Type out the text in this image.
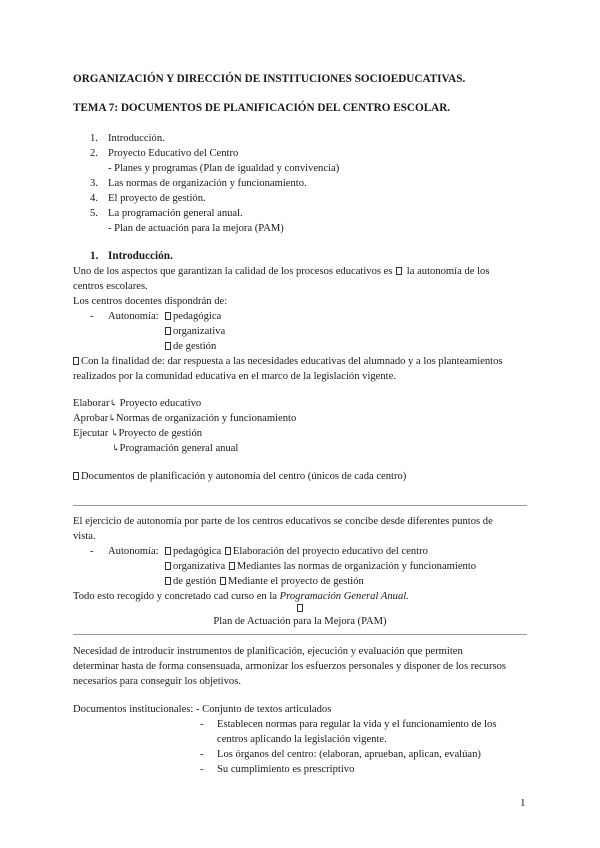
ORGANIZACIÓN Y DIRECCIÓN DE INSTITUCIONES SOCIOEDUCATIVAS.
TEMA 7: DOCUMENTOS DE PLANIFICACIÓN DEL CENTRO ESCOLAR.
1. Introducción.
2. Proyecto Educativo del Centro
- Planes y programas (Plan de igualdad y convivencia)
3. Las normas de organización y funcionamiento.
4. El proyecto de gestión.
5. La programación general anual.
- Plan de actuación para la mejora (PAM)
1. Introducción.
Uno de los aspectos que garantizan la calidad de los procesos educativos es la autonomía de los
centros escolares.
Los centros docentes dispondrán de:
- Autonomía:	pedagógica
organizativa
de gestión
Con la finalidad de: dar respuesta a las necesidades educativas del alumnado y a los planteamientos
realizados por la comunidad educativa en el marco de la legislación vigente.
Elaborar↳ Proyecto educativo
Aprobar↳Normas de organización y funcionamiento
Ejecutar ↳Proyecto de gestión
↳Programación general anual
Documentos de planificación y autonomía del centro (únicos de cada centro)
El ejercicio de autonomía por parte de los centros educativos se concibe desde diferentes puntos de
vista.
- Autonomía:	pedagógica Elaboración del proyecto educativo del centro
organizativa Mediantes las normas de organización y funcionamiento
de gestión Mediante el proyecto de gestión
Todo esto recogido y concretado cad curso en la Programación General Anual.
Plan de Actuación para la Mejora (PAM)
Necesidad de introducir instrumentos de planificación, ejecución y evaluación que permiten
determinar hasta de forma consensuada, armonizar los esfuerzos personales y disponer de los recursos
necesarios para conseguir los objetivos.
Documentos institucionales: - Conjunto de textos articulados
- Establecen normas para regular la vida y el funcionamiento de los
centros aplicando la legislación vigente.
- Los órganos del centro: (elaboran, aprueban, aplican, evalúan)
- Su cumplimiento es prescriptivo
1
